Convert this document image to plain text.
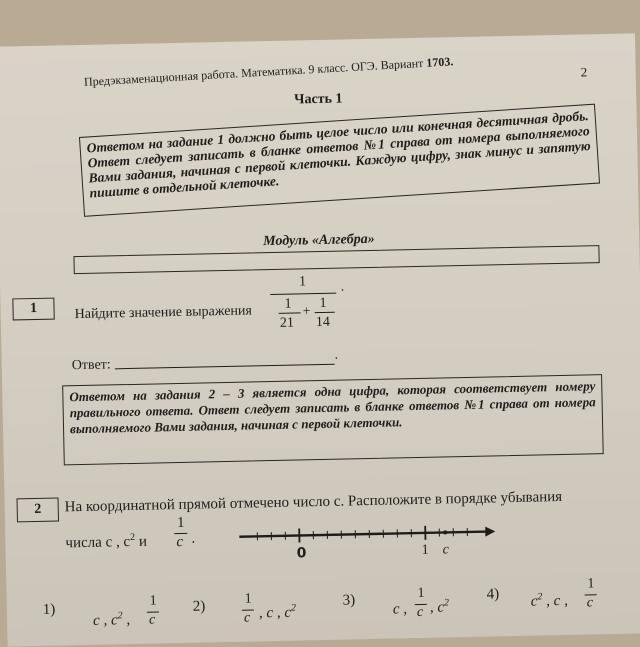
Предэкзаменационная работа. Математика. 9 класс. ОГЭ. Вариант 1703.
2
Часть 1
Ответом на задание 1 должно быть целое число или конечная десятичная дробь. Ответ следует записать в бланке ответов №1 справа от номера выполняемого Вами задания, начиная с первой клеточки. Каждую цифру, знак минус и запятую пишите в отдельной клеточке.
Модуль «Алгебра»
1	Найдите значение выражения
1
1
21
+
1
14
·
Ответ:
.
Ответом на задания 2 – 3 является одна цифра, которая соответствует номеру правильного ответа. Ответ следует записать в бланке ответов №1 справа от номера выполняемого Вами задания, начиная с первой клеточки.
2	На координатной прямой отмечено число c. Расположите в порядке убывания
числа c , $c^2$ и
1
c .
0	1 c
1)
c , $c^2$ ,
1
c
2)	1
c , c , $c^2$	3)
c ,
1
c , $c^2$
4) $c^2$ , c ,
1
c
